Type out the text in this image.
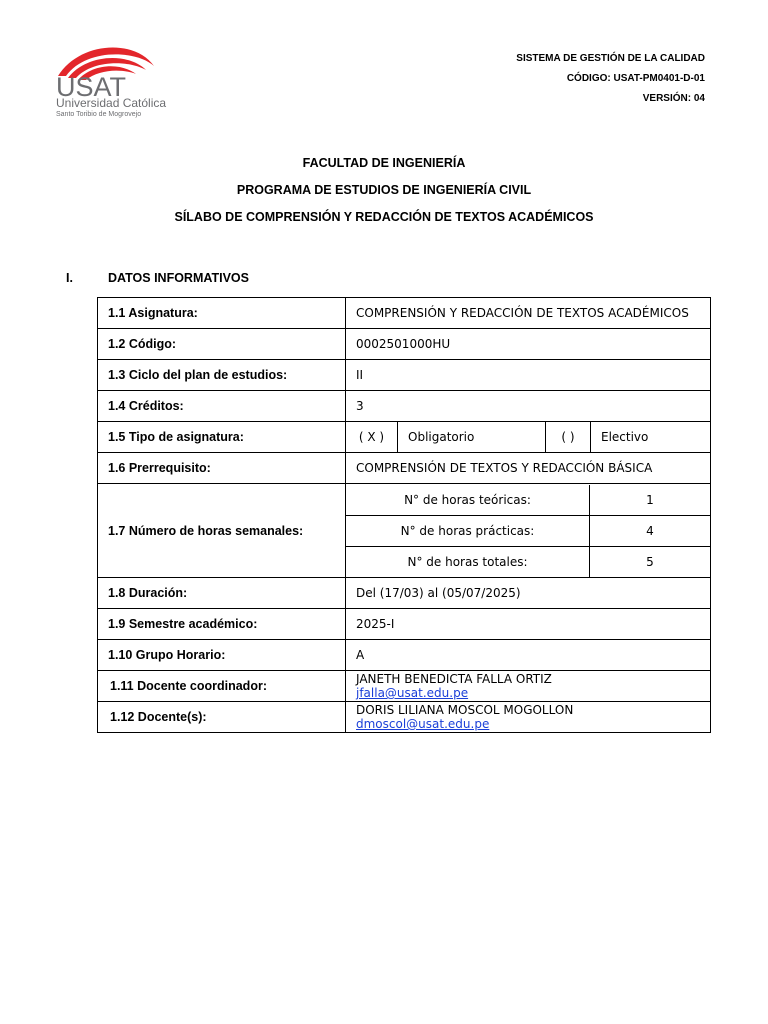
USAT
Universidad Católica
Santo Toribio de Mogrovejo
SISTEMA DE GESTIÓN DE LA CALIDAD
CÓDIGO: USAT-PM0401-D-01
VERSIÓN: 04
FACULTAD DE INGENIERÍA
PROGRAMA DE ESTUDIOS DE INGENIERÍA CIVIL
SÍLABO DE COMPRENSIÓN Y REDACCIÓN DE TEXTOS ACADÉMICOS
I.	DATOS INFORMATIVOS
1.1 Asignatura:	COMPRENSIÓN Y REDACCIÓN DE TEXTOS ACADÉMICOS
1.2 Código:	0002501000HU
1.3 Ciclo del plan de estudios:	II
1.4 Créditos:	3
1.5 Tipo de asignatura:		( X )	Obligatorio	( )	Electivo

1.6 Prerrequisito:	COMPRENSIÓN DE TEXTOS Y REDACCIÓN BÁSICA
1.7 Número de horas semanales:	
N° de horas teóricas:	1
N° de horas prácticas:	4
N° de horas totales:	5

1.8 Duración:	Del (17/03) al (05/07/2025)
1.9 Semestre académico:	2025-I
1.10 Grupo Horario:	A
1.11 Docente coordinador:	JANETH BENEDICTA FALLA ORTIZ
jfalla@usat.edu.pe
1.12 Docente(s):	DORIS LILIANA MOSCOL MOGOLLON
dmoscol@usat.edu.pe
